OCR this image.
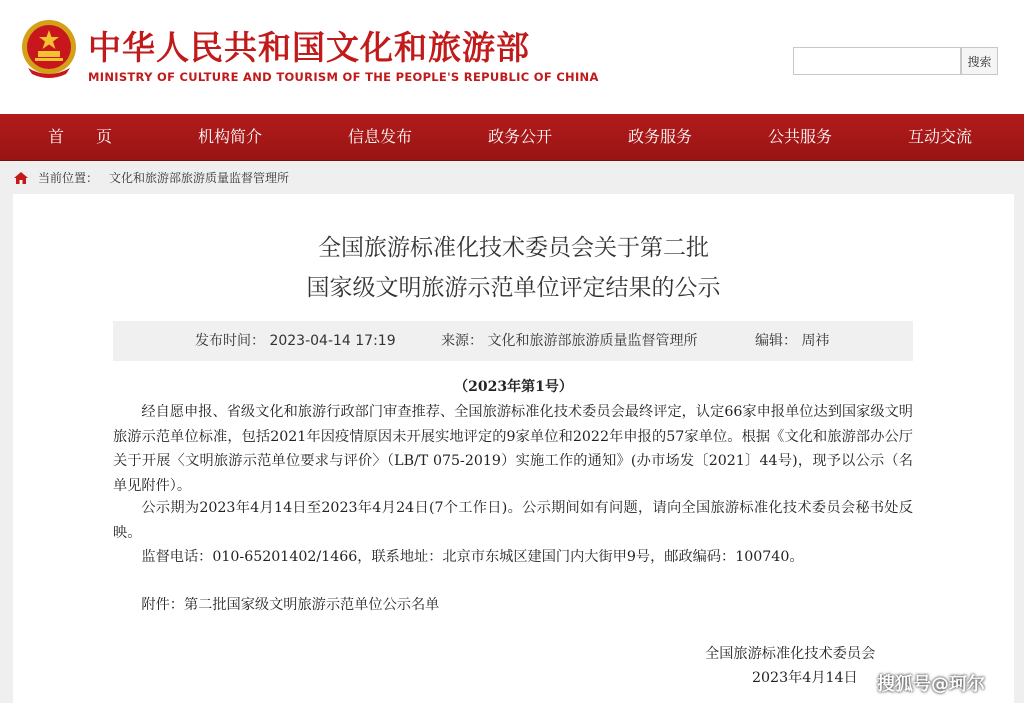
中华人民共和国文化和旅游部
MINISTRY OF CULTURE AND TOURISM OF THE PEOPLE'S REPUBLIC OF CHINA
搜索
首　　页	机构简介	信息发布	政务公开	政务服务	公共服务	互动交流
当前位置： 文化和旅游部旅游质量监督管理所
全国旅游标准化技术委员会关于第二批
国家级文明旅游示范单位评定结果的公示
发布时间： 2023-04-14 17:19	来源： 文化和旅游部旅游质量监督管理所	编辑： 周祎
（2023年第1号）

经自愿申报、省级文化和旅游行政部门审查推荐、全国旅游标准化技术委员会最终评定，认定66家申报单位达到国家级文明旅游示范单位标准，包括2021年因疫情原因未开展实地评定的9家单位和2022年申报的57家单位。根据《文化和旅游部办公厅关于开展〈文明旅游示范单位要求与评价〉（LB/T 075-2019）实施工作的通知》(办市场发〔2021〕44号)，现予以公示（名单见附件）。

公示期为2023年4月14日至2023年4月24日(7个工作日)。公示期间如有问题，请向全国旅游标准化技术委员会秘书处反映。

监督电话：010-65201402/1466，联系地址：北京市东城区建国门内大街甲9号，邮政编码：100740。

附件：第二批国家级文明旅游示范单位公示名单

全国旅游标准化技术委员会
2023年4月14日 搜狐号@珂尔
